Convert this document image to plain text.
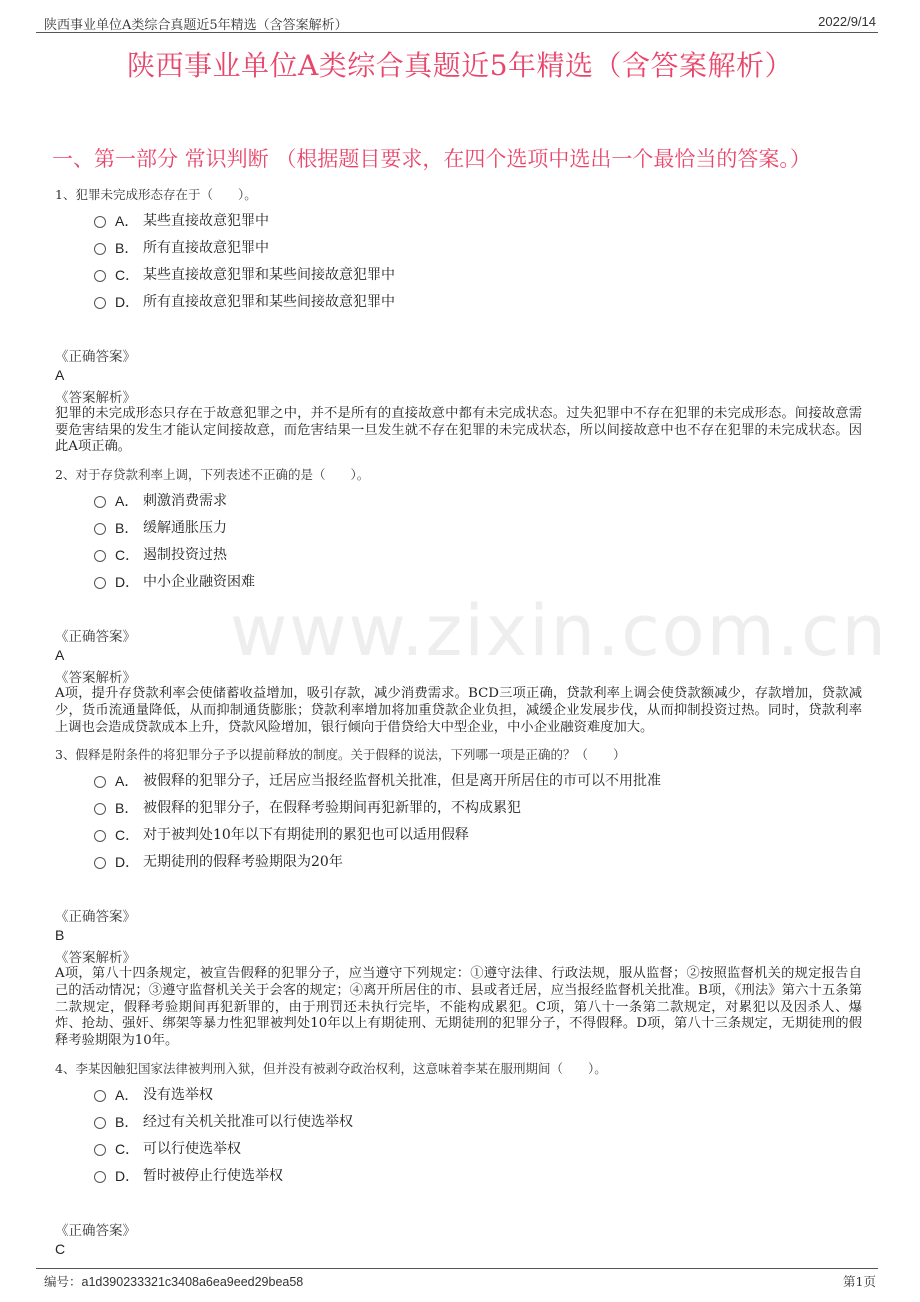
陕西事业单位A类综合真题近5年精选（含答案解析）	2022/9/14
陕西事业单位A类综合真题近5年精选（含答案解析）
一、第一部分 常识判断 （根据题目要求，在四个选项中选出一个最恰当的答案。）
www.zixin.com.cn
1、犯罪未完成形态存在于（　　）。
A． 某些直接故意犯罪中
B． 所有直接故意犯罪中
C． 某些直接故意犯罪和某些间接故意犯罪中
D． 所有直接故意犯罪和某些间接故意犯罪中
《正确答案》
A
《答案解析》
犯罪的未完成形态只存在于故意犯罪之中，并不是所有的直接故意中都有未完成状态。过失犯罪中不存在犯罪的未完成形态。间接故意需要危害结果的发生才能认定间接故意，而危害结果一旦发生就不存在犯罪的未完成状态，所以间接故意中也不存在犯罪的未完成状态。因此A项正确。
2、对于存贷款利率上调，下列表述不正确的是（　　）。
A． 刺激消费需求
B． 缓解通胀压力
C． 遏制投资过热
D． 中小企业融资困难
《正确答案》
A
《答案解析》
A项，提升存贷款利率会使储蓄收益增加，吸引存款，减少消费需求。BCD三项正确，贷款利率上调会使贷款额减少，存款增加，贷款减少，货币流通量降低，从而抑制通货膨胀；贷款利率增加将加重贷款企业负担，减缓企业发展步伐，从而抑制投资过热。同时，贷款利率上调也会造成贷款成本上升，贷款风险增加，银行倾向于借贷给大中型企业，中小企业融资难度加大。
3、假释是附条件的将犯罪分子予以提前释放的制度。关于假释的说法，下列哪一项是正确的？（　　）
A． 被假释的犯罪分子，迁居应当报经监督机关批准，但是离开所居住的市可以不用批准
B． 被假释的犯罪分子，在假释考验期间再犯新罪的，不构成累犯
C． 对于被判处10年以下有期徒刑的累犯也可以适用假释
D． 无期徒刑的假释考验期限为20年
《正确答案》
B
《答案解析》
A项，第八十四条规定，被宣告假释的犯罪分子，应当遵守下列规定：①遵守法律、行政法规，服从监督；②按照监督机关的规定报告自己的活动情况；③遵守监督机关关于会客的规定；④离开所居住的市、县或者迁居，应当报经监督机关批准。B项，《刑法》第六十五条第二款规定，假释考验期间再犯新罪的，由于刑罚还未执行完毕，不能构成累犯。C项，第八十一条第二款规定，对累犯以及因杀人、爆炸、抢劫、强奸、绑架等暴力性犯罪被判处10年以上有期徒刑、无期徒刑的犯罪分子，不得假释。D项，第八十三条规定，无期徒刑的假释考验期限为10年。
4、李某因触犯国家法律被判刑入狱，但并没有被剥夺政治权利，这意味着李某在服刑期间（　　）。
A． 没有选举权
B． 经过有关机关批准可以行使选举权
C． 可以行使选举权
D． 暂时被停止行使选举权
《正确答案》
C
编号：a1d390233321c3408a6ea9eed29bea58	第1页
